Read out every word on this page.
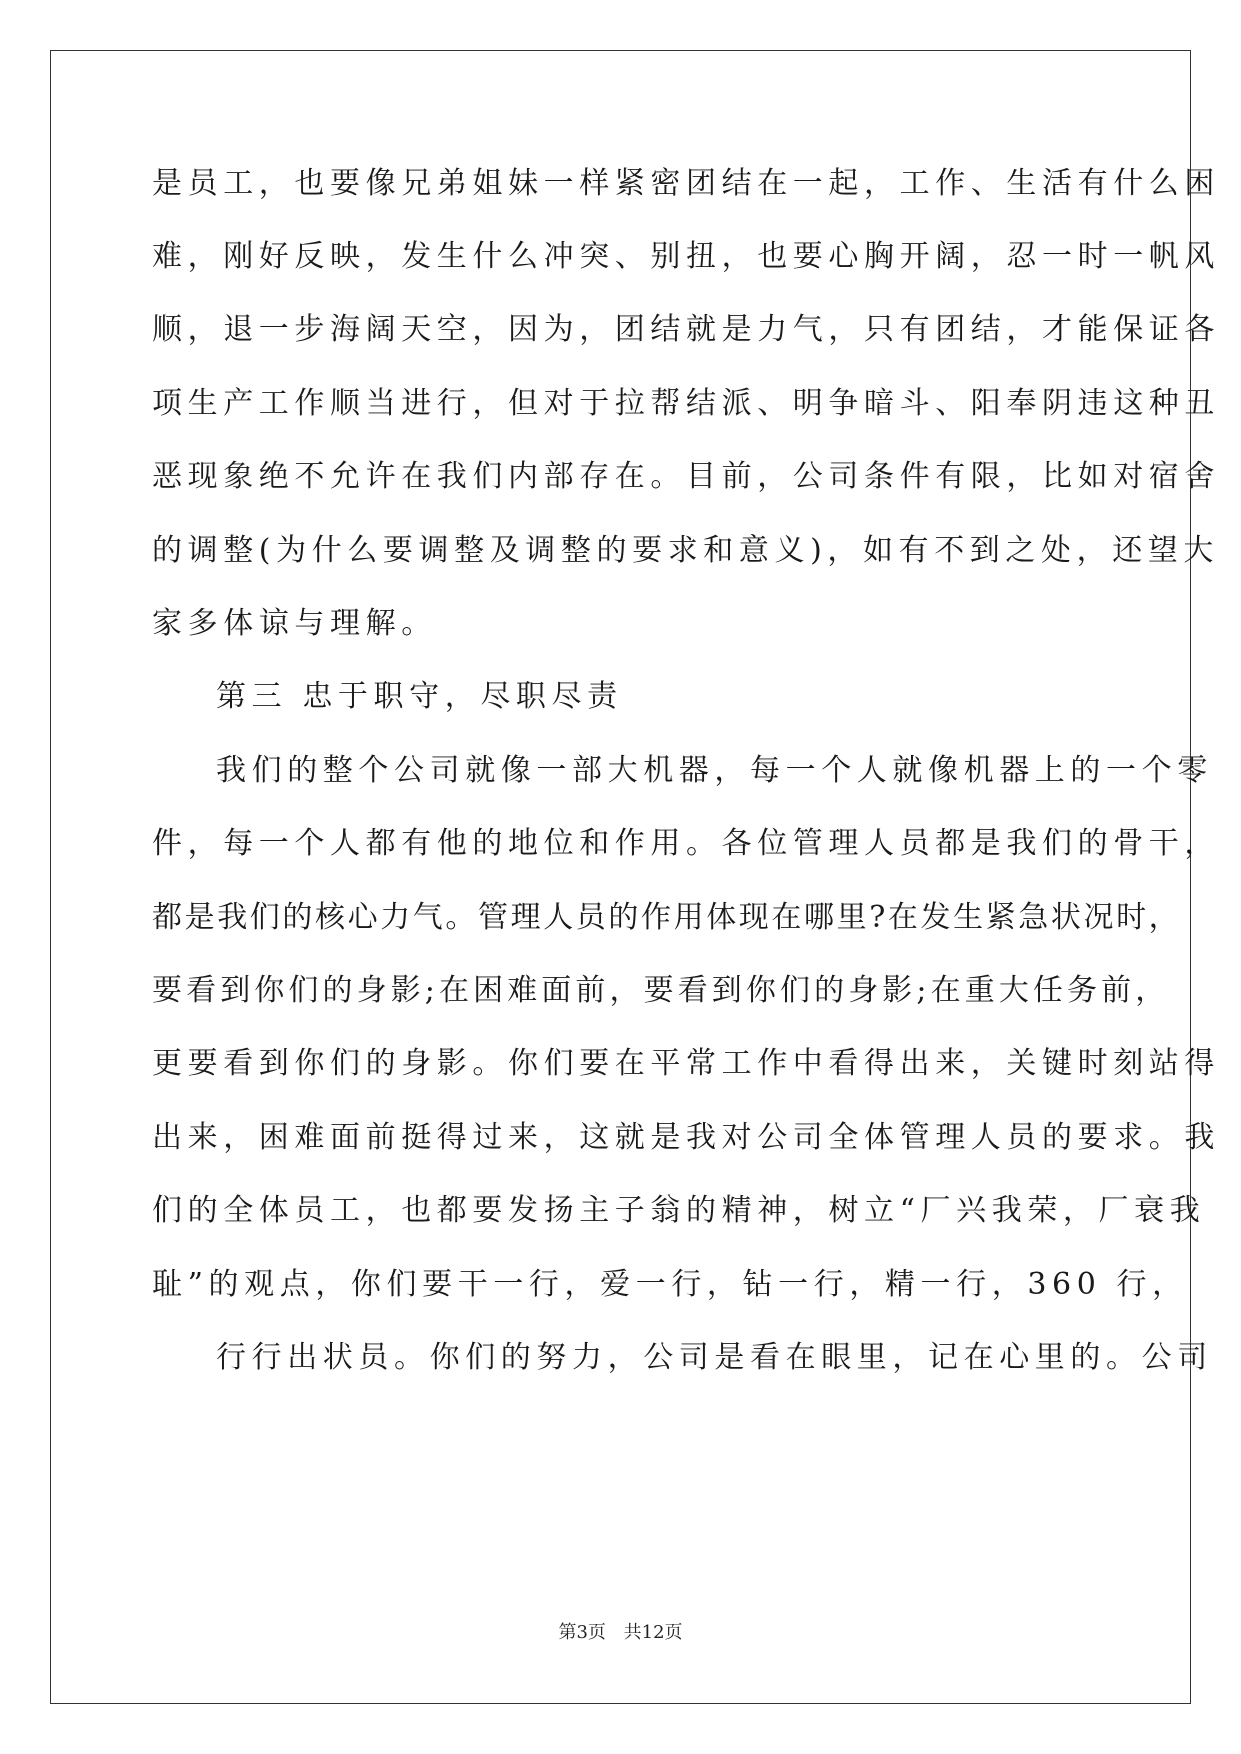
是员工，也要像兄弟姐妹一样紧密团结在一起，工作、生活有什么困
难，刚好反映，发生什么冲突、别扭，也要心胸开阔，忍一时一帆风
顺，退一步海阔天空，因为，团结就是力气，只有团结，才能保证各
项生产工作顺当进行，但对于拉帮结派、明争暗斗、阳奉阴违这种丑
恶现象绝不允许在我们内部存在。目前，公司条件有限，比如对宿舍
的调整(为什么要调整及调整的要求和意义)，如有不到之处，还望大
家多体谅与理解。
第三 忠于职守，尽职尽责
我们的整个公司就像一部大机器，每一个人就像机器上的一个零
件，每一个人都有他的地位和作用。各位管理人员都是我们的骨干，
都是我们的核心力气。管理人员的作用体现在哪里?在发生紧急状况时，
要看到你们的身影;在困难面前，要看到你们的身影;在重大任务前，
更要看到你们的身影。你们要在平常工作中看得出来，关键时刻站得
出来，困难面前挺得过来，这就是我对公司全体管理人员的要求。我
们的全体员工，也都要发扬主子翁的精神，树立“厂兴我荣，厂衰我
耻”的观点，你们要干一行，爱一行，钻一行，精一行，360 行，
行行出状员。你们的努力，公司是看在眼里，记在心里的。公司
第3页 共12页
